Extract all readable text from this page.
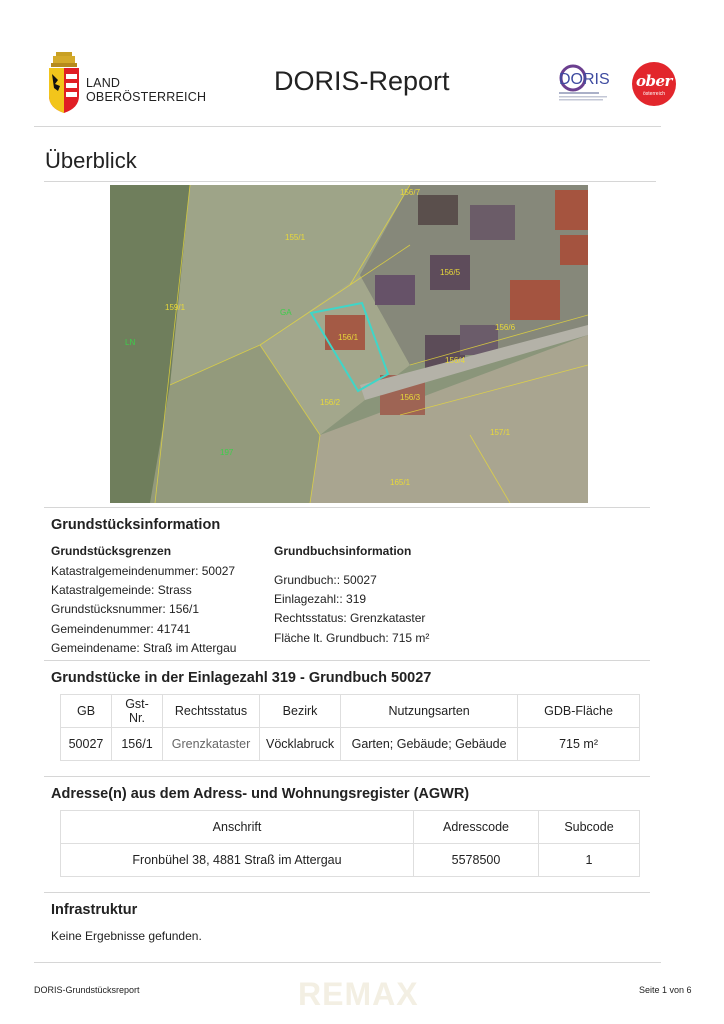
LAND
OBERÖSTERREICH
DORIS-Report	DORIS ober
österreich
Überblick
155/1
156/7
156/5
156/1
156/4
156/3
156/6
156/2
159/1
157/1
165/1
197
LN
GA
Grundstücksinformation
Grundstücksgrenzen
Katastralgemeindenummer: 50027
Katastralgemeinde: Strass
Grundstücksnummer: 156/1
Gemeindenummer: 41741
Gemeindename: Straß im Attergau
Grundbuchsinformation
Grundbuch:: 50027
Einlagezahl:: 319
Rechtsstatus: Grenzkataster
Fläche lt. Grundbuch: 715 m²
Grundstücke in der Einlagezahl 319 - Grundbuch 50027
GB	Gst-Nr.	Rechtsstatus	Bezirk	Nutzungsarten	GDB-Fläche
50027	156/1	Grenzkataster	Vöcklabruck	Garten; Gebäude; Gebäude	715 m²
Adresse(n) aus dem Adress- und Wohnungsregister (AGWR)
Anschrift	Adresscode	Subcode
Fronbühel 38, 4881 Straß im Attergau	5578500	1
Infrastruktur
Keine Ergebnisse gefunden.
REMAX
DORIS-Grundstücksreport	Seite 1 von 6
